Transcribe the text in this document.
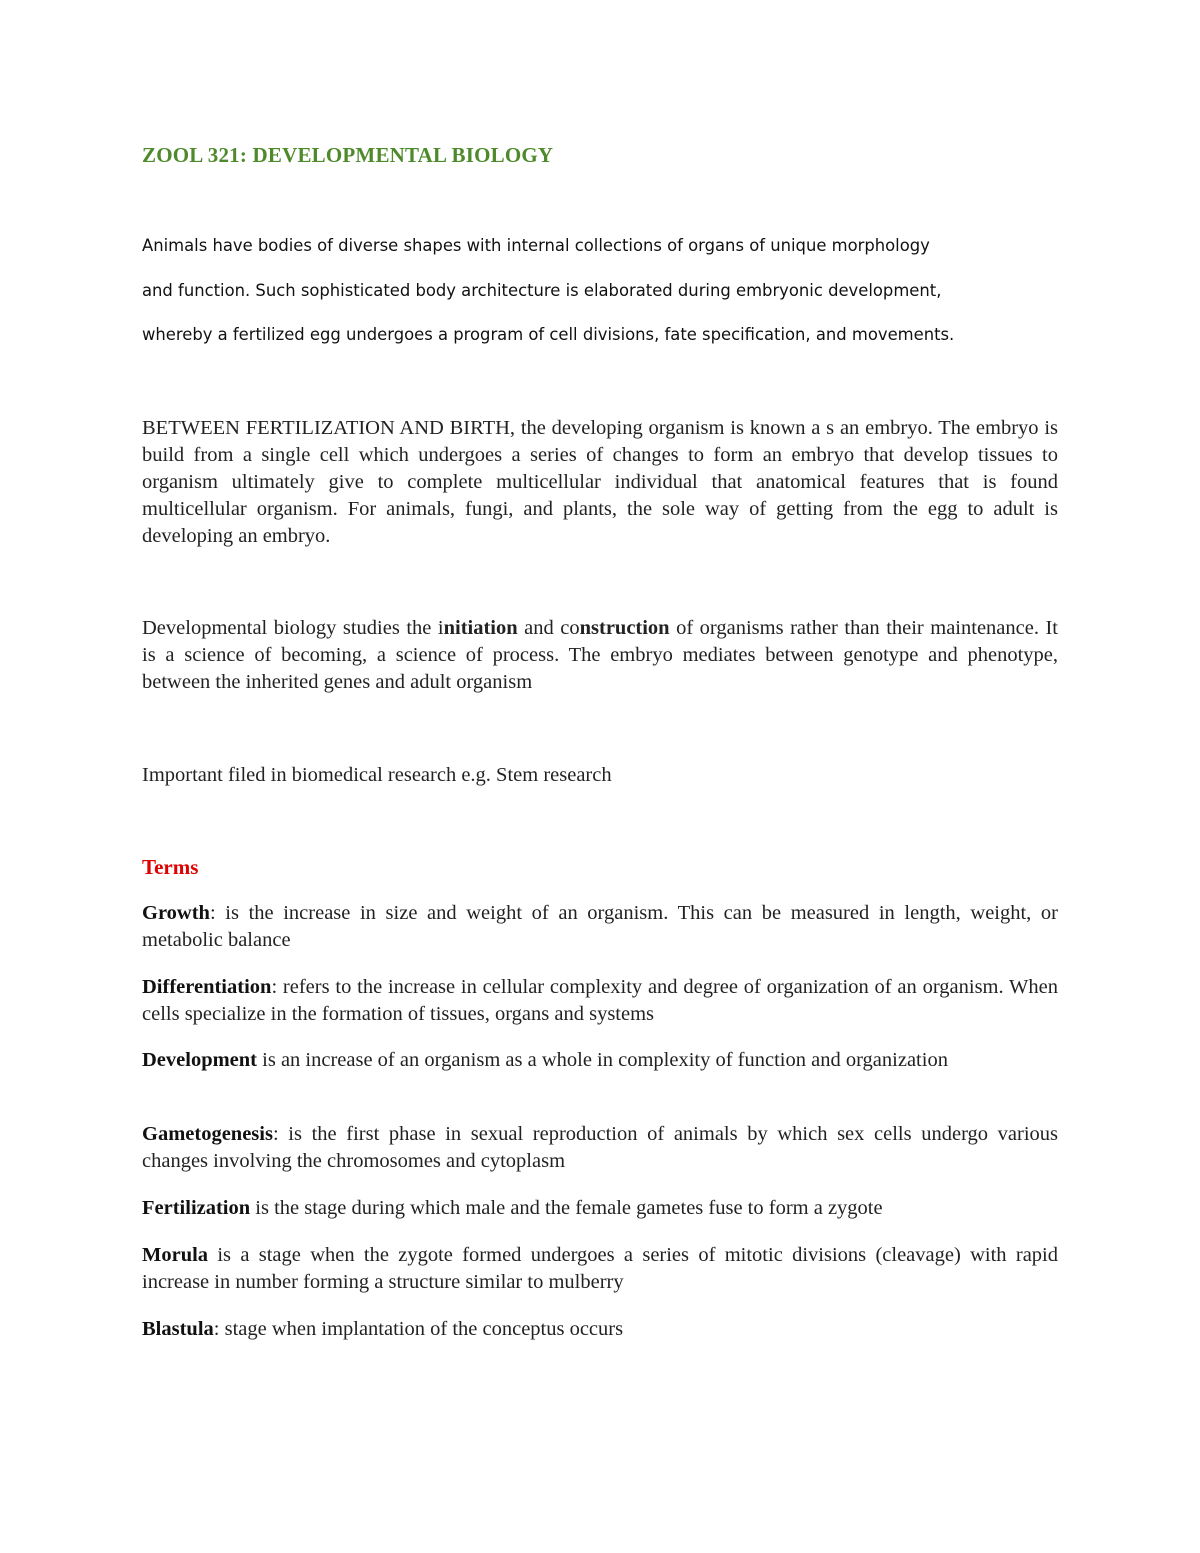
ZOOL 321: DEVELOPMENTAL BIOLOGY

Animals have bodies of diverse shapes with internal collections of organs of unique morphology

and function. Such sophisticated body architecture is elaborated during embryonic development,

whereby a fertilized egg undergoes a program of cell divisions, fate specification, and movements.

BETWEEN FERTILIZATION AND BIRTH, the developing organism is known a s an embryo. The embryo is build from a single cell which undergoes a series of changes to form an embryo that develop tissues to organism ultimately give to complete multicellular individual that anatomical features that is found multicellular organism. For animals, fungi, and plants, the sole way of getting from the egg to adult is developing an embryo.

Developmental biology studies the initiation and construction of organisms rather than their maintenance. It is a science of becoming, a science of process. The embryo mediates between genotype and phenotype, between the inherited genes and adult organism

Important filed in biomedical research e.g. Stem research

Terms

Growth: is the increase in size and weight of an organism. This can be measured in length, weight, or metabolic balance

Differentiation: refers to the increase in cellular complexity and degree of organization of an organism. When cells specialize in the formation of tissues, organs and systems

Development is an increase of an organism as a whole in complexity of function and organization

Gametogenesis: is the first phase in sexual reproduction of animals by which sex cells undergo various changes involving the chromosomes and cytoplasm

Fertilization is the stage during which male and the female gametes fuse to form a zygote

Morula is a stage when the zygote formed undergoes a series of mitotic divisions (cleavage) with rapid increase in number forming a structure similar to mulberry

Blastula: stage when implantation of the conceptus occurs
